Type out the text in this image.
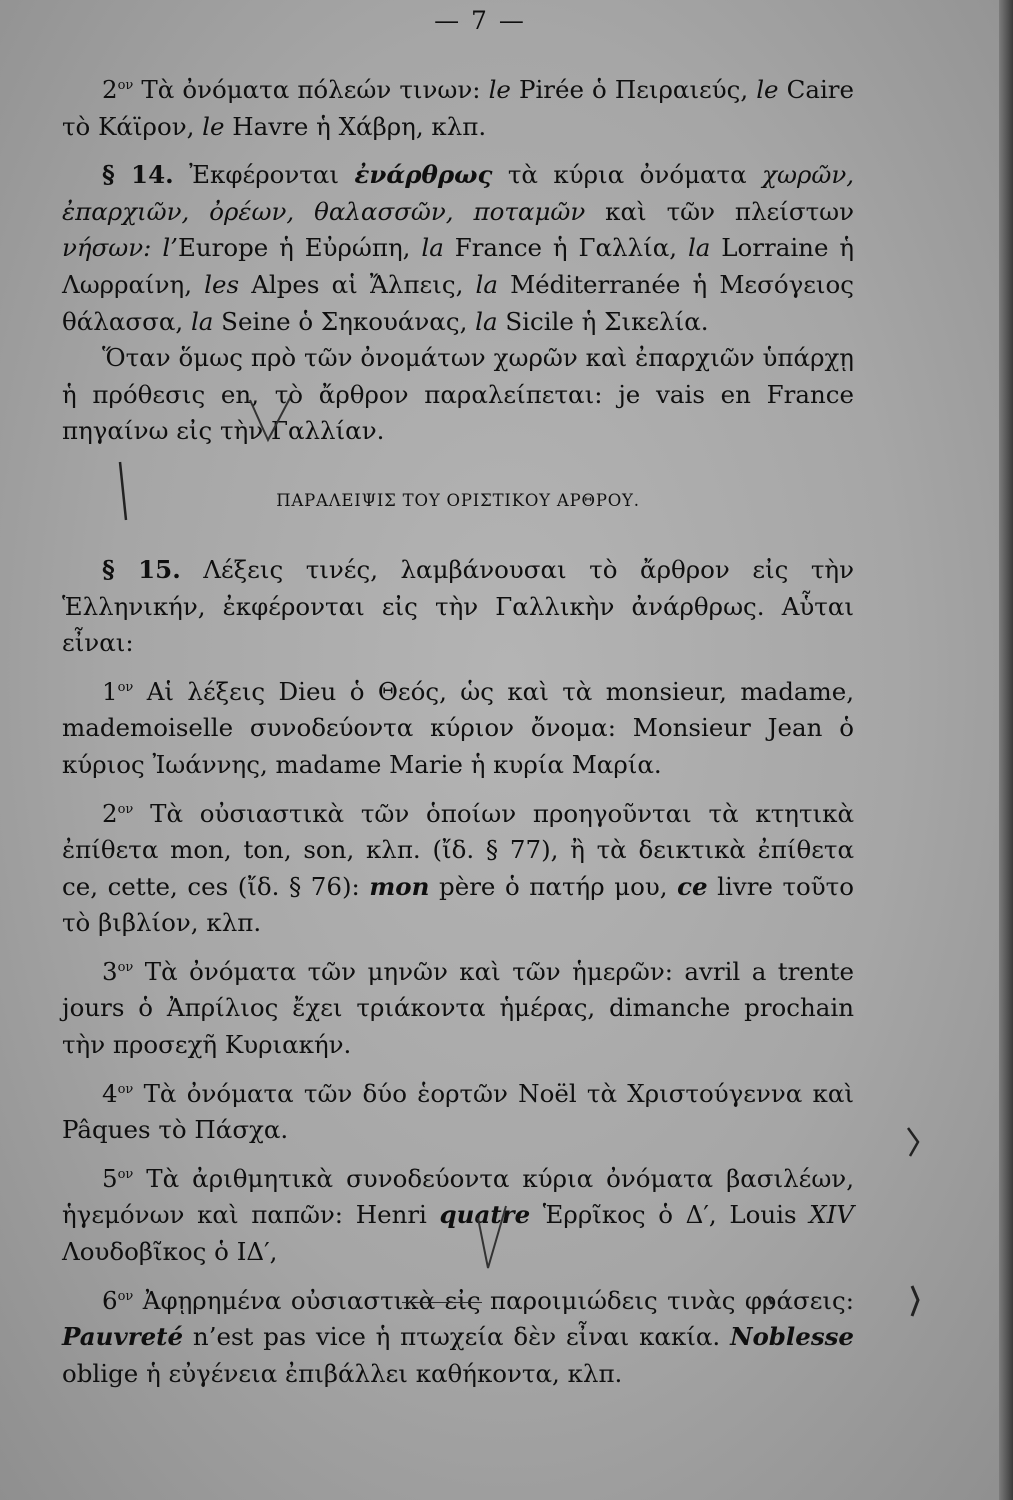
— 7 —

$2^{o\nu}$ Τὰ ὀνόματα πόλεών τινων: le Pirée ὁ Πειραιεύς, le Caire τὸ Κάϊρον, le Havre ἡ Χάβρη, κλπ.

§ 14. Ἐκφέρονται ἐνάρθρως τὰ κύρια ὀνόματα χωρῶν, ἐπαρχιῶν, ὀρέων, θαλασσῶν, ποταμῶν καὶ τῶν πλείστων νήσων: l’Europe ἡ Εὐρώπη, la France ἡ Γαλλία, la Lorraine ἡ Λωρραίνη, les Alpes αἱ Ἄλπεις, la Méditerranée ἡ Μεσόγειος θάλασσα, la Seine ὁ Σηκουάνας, la Sicile ἡ Σικελία.

Ὅταν ὅμως πρὸ τῶν ὀνομάτων χωρῶν καὶ ἐπαρχιῶν ὑπάρχῃ ἡ πρόθεσις en, τὸ ἄρθρον παραλείπεται: je vais en France πηγαίνω εἰς τὴν Γαλλίαν.

ΠΑΡΑΛΕΙΨΙΣ ΤΟΥ ΟΡΙΣΤΙΚΟΥ ΑΡΘΡΟΥ.

§ 15. Λέξεις τινές, λαμβάνουσαι τὸ ἄρθρον εἰς τὴν Ἑλληνικήν, ἐκφέρονται εἰς τὴν Γαλλικὴν ἀνάρθρως. Αὗται εἶναι:

$1^{o\nu}$ Αἱ λέξεις Dieu ὁ Θεός, ὡς καὶ τὰ monsieur, madame, mademoiselle συνοδεύοντα κύριον ὄνομα: Monsieur Jean ὁ κύριος Ἰωάννης, madame Marie ἡ κυρία Μαρία.

$2^{o\nu}$ Τὰ οὐσιαστικὰ τῶν ὁποίων προηγοῦνται τὰ κτητικὰ ἐπίθετα mon, ton, son, κλπ. (ἴδ. § 77), ἢ τὰ δεικτικὰ ἐπίθετα ce, cette, ces (ἴδ. § 76): mon père ὁ πατήρ μου, ce livre τοῦτο τὸ βιβλίον, κλπ.

$3^{o\nu}$ Τὰ ὀνόματα τῶν μηνῶν καὶ τῶν ἡμερῶν: avril a trente jours ὁ Ἀπρίλιος ἔχει τριάκοντα ἡμέρας, dimanche prochain τὴν προσεχῆ Κυριακήν.

$4^{o\nu}$ Τὰ ὀνόματα τῶν δύο ἑορτῶν Noël τὰ Χριστούγεννα καὶ Pâques τὸ Πάσχα.

$5^{o\nu}$ Τὰ ἀριθμητικὰ συνοδεύοντα κύρια ὀνόματα βασιλέων, ἡγεμόνων καὶ παπῶν: Henri quatre Ἑρρῖκος ὁ Δ′, Louis XIV Λουδοβῖκος ὁ ΙΔ′,

$6^{o\nu}$ Ἀφῃρημένα οὐσιαστικὰ εἰς παροιμιώδεις τινὰς φράσεις: Pauvreté n’est pas vice ἡ πτωχεία δὲν εἶναι κακία. Noblesse oblige ἡ εὐγένεια ἐπιβάλλει καθήκοντα, κλπ.
